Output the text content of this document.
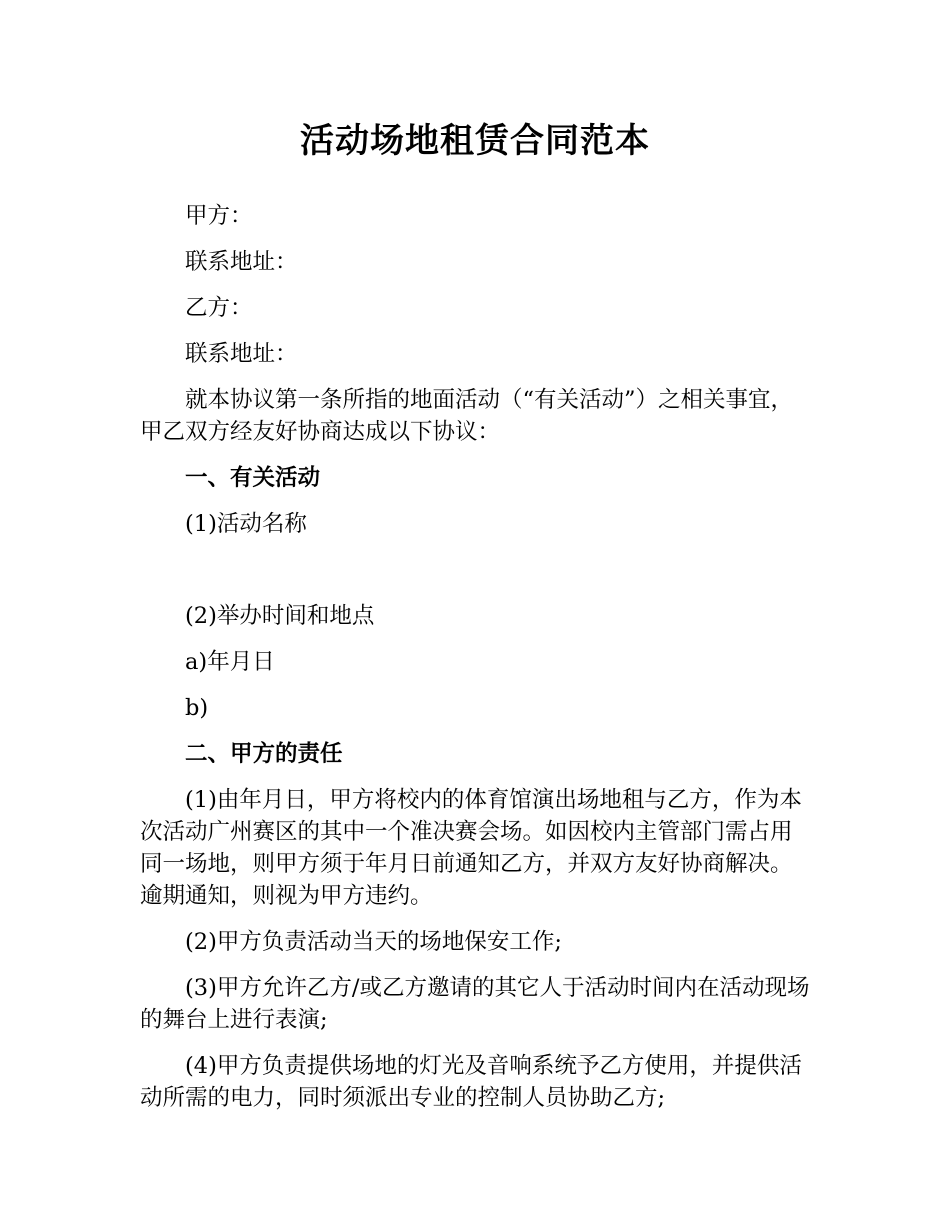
活动场地租赁合同范本

甲方：

联系地址：

乙方：

联系地址：

就本协议第一条所指的地面活动（“有关活动”）之相关事宜，甲乙双方经友好协商达成以下协议：

一、有关活动

(1)活动名称

(2)举办时间和地点

a)年月日

b)

二、甲方的责任

(1)由年月日，甲方将校内的体育馆演出场地租与乙方，作为本次活动广州赛区的其中一个准决赛会场。如因校内主管部门需占用同一场地，则甲方须于年月日前通知乙方，并双方友好协商解决。逾期通知，则视为甲方违约。

(2)甲方负责活动当天的场地保安工作;

(3)甲方允许乙方/或乙方邀请的其它人于活动时间内在活动现场的舞台上进行表演;

(4)甲方负责提供场地的灯光及音响系统予乙方使用，并提供活动所需的电力，同时须派出专业的控制人员协助乙方;
